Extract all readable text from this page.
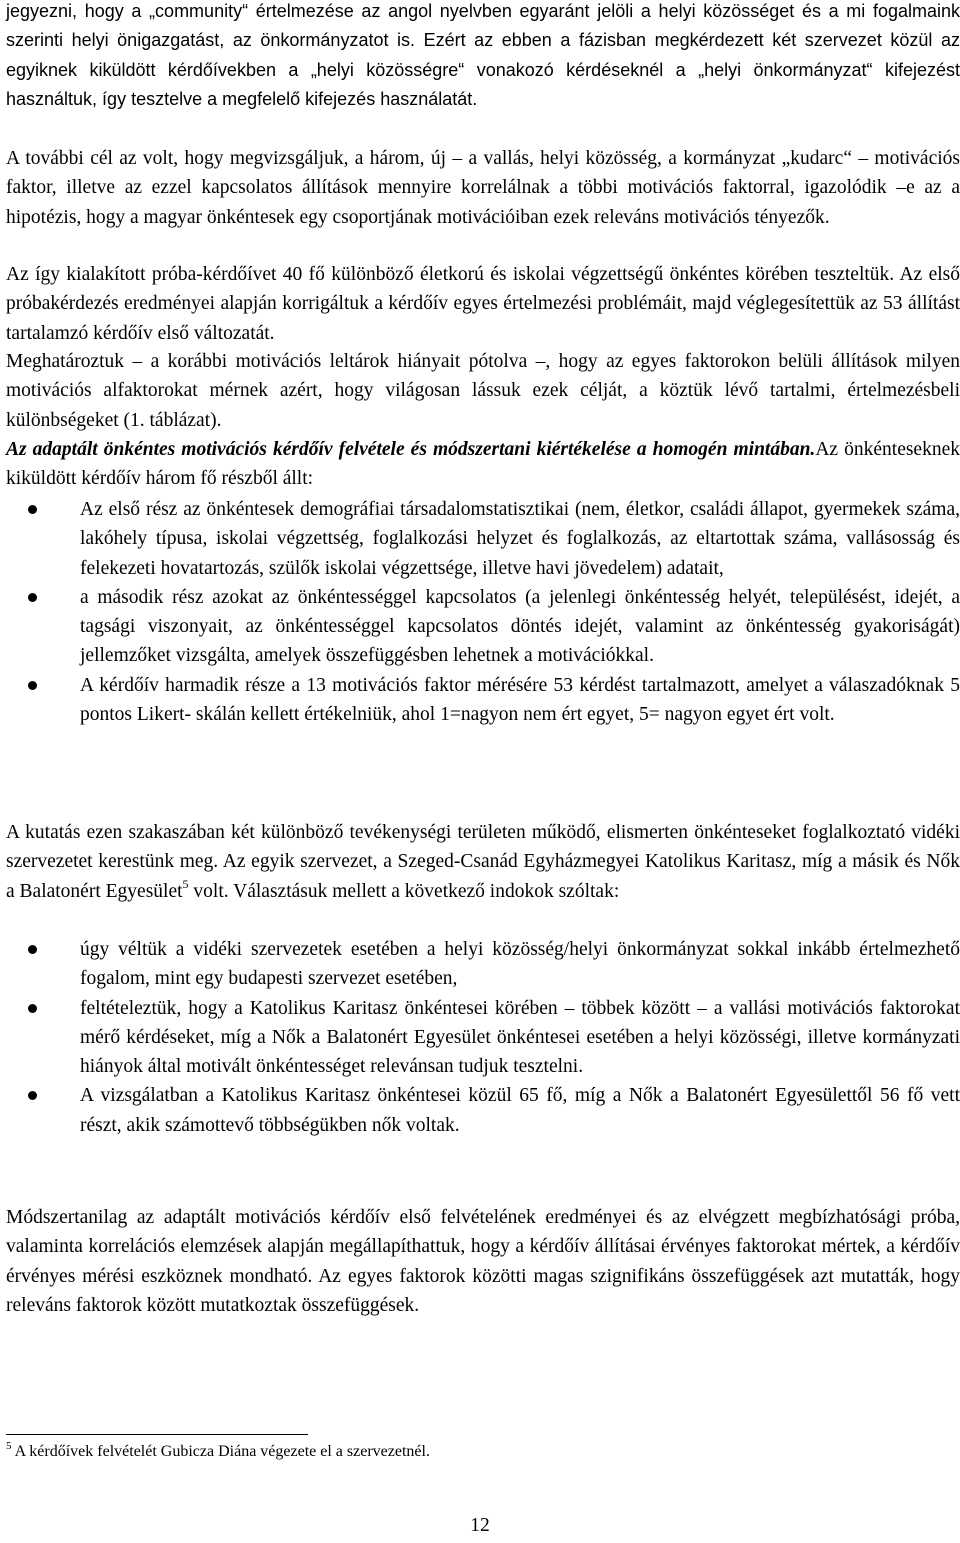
jegyezni, hogy a „community“ értelmezése az angol nyelvben egyaránt jelöli a helyi közösséget és a mi fogalmaink szerinti helyi önigazgatást, az önkormányzatot is. Ezért az ebben a fázisban megkérdezett két szervezet közül az egyiknek kiküldött kérdőívekben a „helyi közösségre“ vonakozó kérdéseknél a „helyi önkormányzat“ kifejezést használtuk, így tesztelve a megfelelő kifejezés használatát.

A további cél az volt, hogy megvizsgáljuk, a három, új – a vallás, helyi közösség, a kormányzat „kudarc“ – motivációs faktor, illetve az ezzel kapcsolatos állítások mennyire korrelálnak a többi motivációs faktorral, igazolódik –e az a hipotézis, hogy a magyar önkéntesek egy csoportjának motivációiban ezek releváns motivációs tényezők.

Az így kialakított próba-kérdőívet 40 fő különböző életkorú és iskolai végzettségű önkéntes körében teszteltük. Az első próbakérdezés eredményei alapján korrigáltuk a kérdőív egyes értelmezési problémáit, majd véglegesítettük az 53 állítást tartalamzó kérdőív első változatát.

Meghatároztuk – a korábbi motivációs leltárok hiányait pótolva –, hogy az egyes faktorokon belüli állítások milyen motivációs alfaktorokat mérnek azért, hogy világosan lássuk ezek célját, a köztük lévő tartalmi, értelmezésbeli különbségeket (1. táblázat).

Az adaptált önkéntes motivációs kérdőív felvétele és módszertani kiértékelése a homogén mintában.Az önkénteseknek kiküldött kérdőív három fő részből állt:

Az első rész az önkéntesek demográfiai társadalomstatisztikai (nem, életkor, családi állapot, gyermekek száma, lakóhely típusa, iskolai végzettség, foglalkozási helyzet és foglalkozás, az eltartottak száma, vallásosság és felekezeti hovatartozás, szülők iskolai végzettsége, illetve havi jövedelem) adatait,
a második rész azokat az önkéntességgel kapcsolatos (a jelenlegi önkéntesség helyét, településést, idejét, a tagsági viszonyait, az önkéntességgel kapcsolatos döntés idejét, valamint az önkéntesség gyakoriságát) jellemzőket vizsgálta, amelyek összefüggésben lehetnek a motivációkkal.
A kérdőív harmadik része a 13 motivációs faktor mérésére 53 kérdést tartalmazott, amelyet a válaszadóknak 5 pontos Likert- skálán kellett értékelniük, ahol 1=nagyon nem ért egyet, 5= nagyon egyet ért volt.

A kutatás ezen szakaszában két különböző tevékenységi területen működő, elismerten önkénteseket foglalkoztató vidéki szervezetet kerestünk meg. Az egyik szervezet, a Szeged-Csanád Egyházmegyei Katolikus Karitasz, míg a másik és Nők a Balatonért Egyesület$^5$ volt. Választásuk mellett a következő indokok szóltak:

úgy véltük a vidéki szervezetek esetében a helyi közösség/helyi önkormányzat sokkal inkább értelmezhető fogalom, mint egy budapesti szervezet esetében,
feltételeztük, hogy a Katolikus Karitasz önkéntesei körében – többek között – a vallási motivációs faktorokat mérő kérdéseket, míg a Nők a Balatonért Egyesület önkéntesei esetében a helyi közösségi, illetve kormányzati hiányok által motivált önkéntességet relevánsan tudjuk tesztelni.
A vizsgálatban a Katolikus Karitasz önkéntesei közül 65 fő, míg a Nők a Balatonért Egyesülettől 56 fő vett részt, akik számottevő többségükben nők voltak.

Módszertanilag az adaptált motivációs kérdőív első felvételének eredményei és az elvégzett megbízhatósági próba, valaminta korrelációs elemzések alapján megállapíthattuk, hogy a kérdőív állításai érvényes faktorokat mértek, a kérdőív érvényes mérési eszköznek mondható. Az egyes faktorok közötti magas szignifikáns összefüggések azt mutatták, hogy releváns faktorok között mutatkoztak összefüggések.

$^5$ A kérdőívek felvételét Gubicza Diána végezete el a szervezetnél.
12
